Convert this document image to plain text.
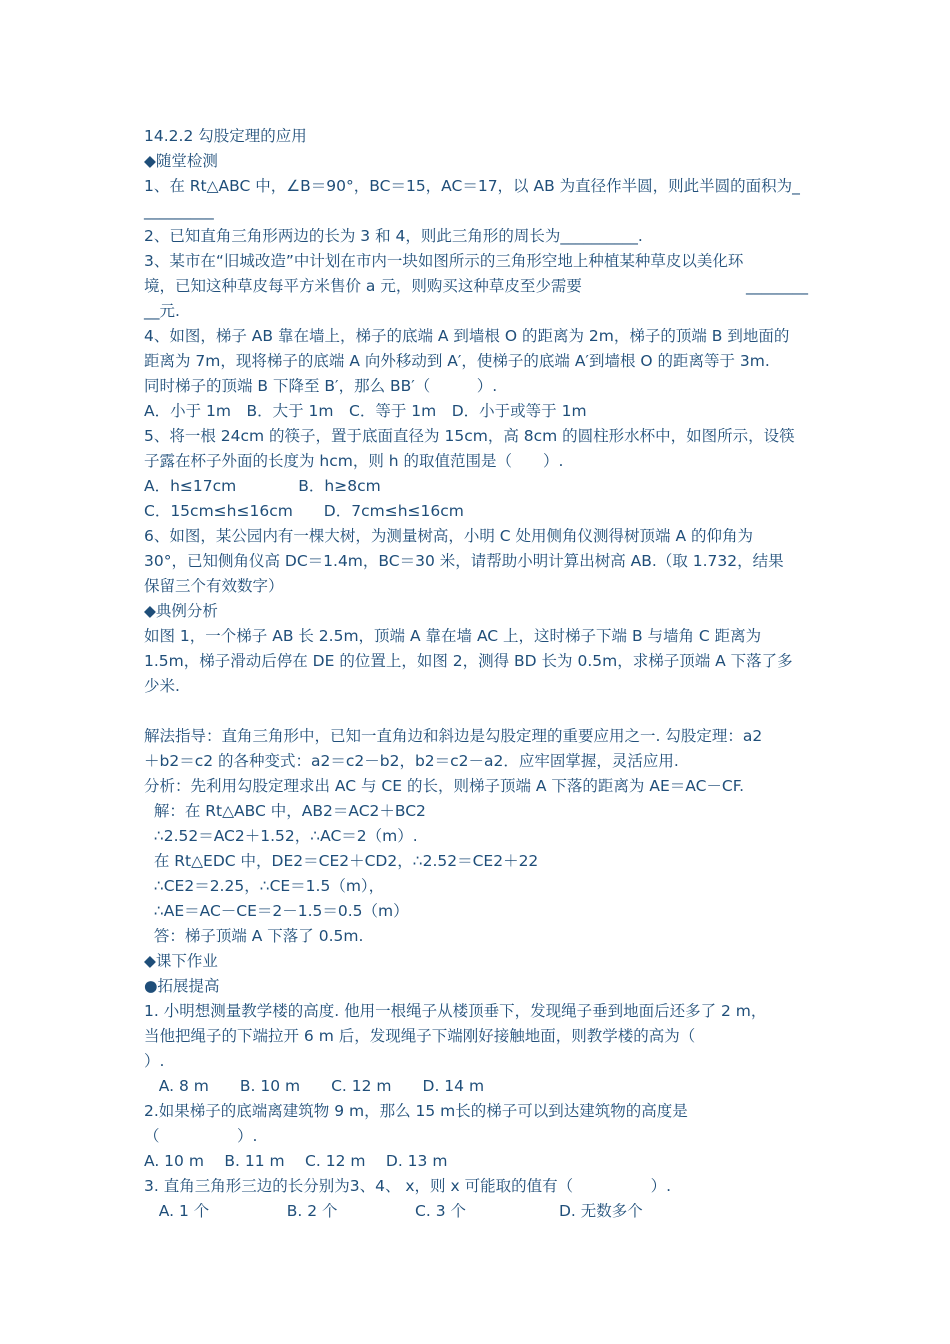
14.2.2 勾股定理的应用
◆随堂检测
1、在 Rt△ABC 中，∠B＝90°，BC＝15，AC＝17，以 AB 为直径作半圆，则此半圆的面积为_
_________
2、已知直角三角形两边的长为 3 和 4，则此三角形的周长为__________.
3、某市在“旧城改造”中计划在市内一块如图所示的三角形空地上种植某种草皮以美化环
境，已知这种草皮每平方米售价 a 元，则购买这种草皮至少需要	________
__元.
4、如图，梯子 AB 靠在墙上，梯子的底端 A 到墙根 O 的距离为 2m，梯子的顶端 B 到地面的
距离为 7m，现将梯子的底端 A 向外移动到 A′，使梯子的底端 A′到墙根 O 的距离等于 3m.
同时梯子的顶端 B 下降至 B′，那么 BB′（　　　）.
A．小于 1m　B．大于 1m　C．等于 1m　D．小于或等于 1m
5、将一根 24cm 的筷子，置于底面直径为 15cm，高 8cm 的圆柱形水杯中，如图所示，设筷
子露在杯子外面的长度为 hcm，则 h 的取值范围是（　　）.
A．h≤17cm　　　　B．h≥8cm
C．15cm≤h≤16cm　　D．7cm≤h≤16cm
6、如图，某公园内有一棵大树，为测量树高，小明 C 处用侧角仪测得树顶端 A 的仰角为
30°，已知侧角仪高 DC＝1.4m，BC＝30 米，请帮助小明计算出树高 AB.（取 1.732，结果
保留三个有效数字）
◆典例分析
如图 1，一个梯子 AB 长 2.5m，顶端 A 靠在墙 AC 上，这时梯子下端 B 与墙角 C 距离为
1.5m，梯子滑动后停在 DE 的位置上，如图 2，测得 BD 长为 0.5m，求梯子顶端 A 下落了多
少米.
解法指导：直角三角形中，已知一直角边和斜边是勾股定理的重要应用之一. 勾股定理：a2
＋b2＝c2 的各种变式：a2＝c2－b2，b2＝c2－a2．应牢固掌握，灵活应用.
分析：先利用勾股定理求出 AC 与 CE 的长，则梯子顶端 A 下落的距离为 AE＝AC－CF.
解：在 Rt△ABC 中，AB2＝AC2＋BC2
∴2.52＝AC2＋1.52，∴AC＝2（m）.
在 Rt△EDC 中，DE2＝CE2＋CD2，∴2.52＝CE2＋22
∴CE2＝2.25，∴CE＝1.5（m），
∴AE＝AC－CE＝2－1.5＝0.5（m）
答：梯子顶端 A 下落了 0.5m.
◆课下作业
●拓展提高
1. 小明想测量教学楼的高度. 他用一根绳子从楼顶垂下，发现绳子垂到地面后还多了 2 m，
当他把绳子的下端拉开 6 m 后，发现绳子下端刚好接触地面，则教学楼的高为（
）.
A. 8 m　　B. 10 m　　C. 12 m　　D. 14 m
2.如果梯子的底端离建筑物 9 m，那么 15 m长的梯子可以到达建筑物的高度是
（　　　　　）.
A. 10 m　 B. 11 m　 C. 12 m　 D. 13 m
3. 直角三角形三边的长分别为3、4、 x，则 x 可能取的值有（　　　　　）.
A. 1 个　　　　　B. 2 个　　　　　C. 3 个　　　　　　D. 无数多个
